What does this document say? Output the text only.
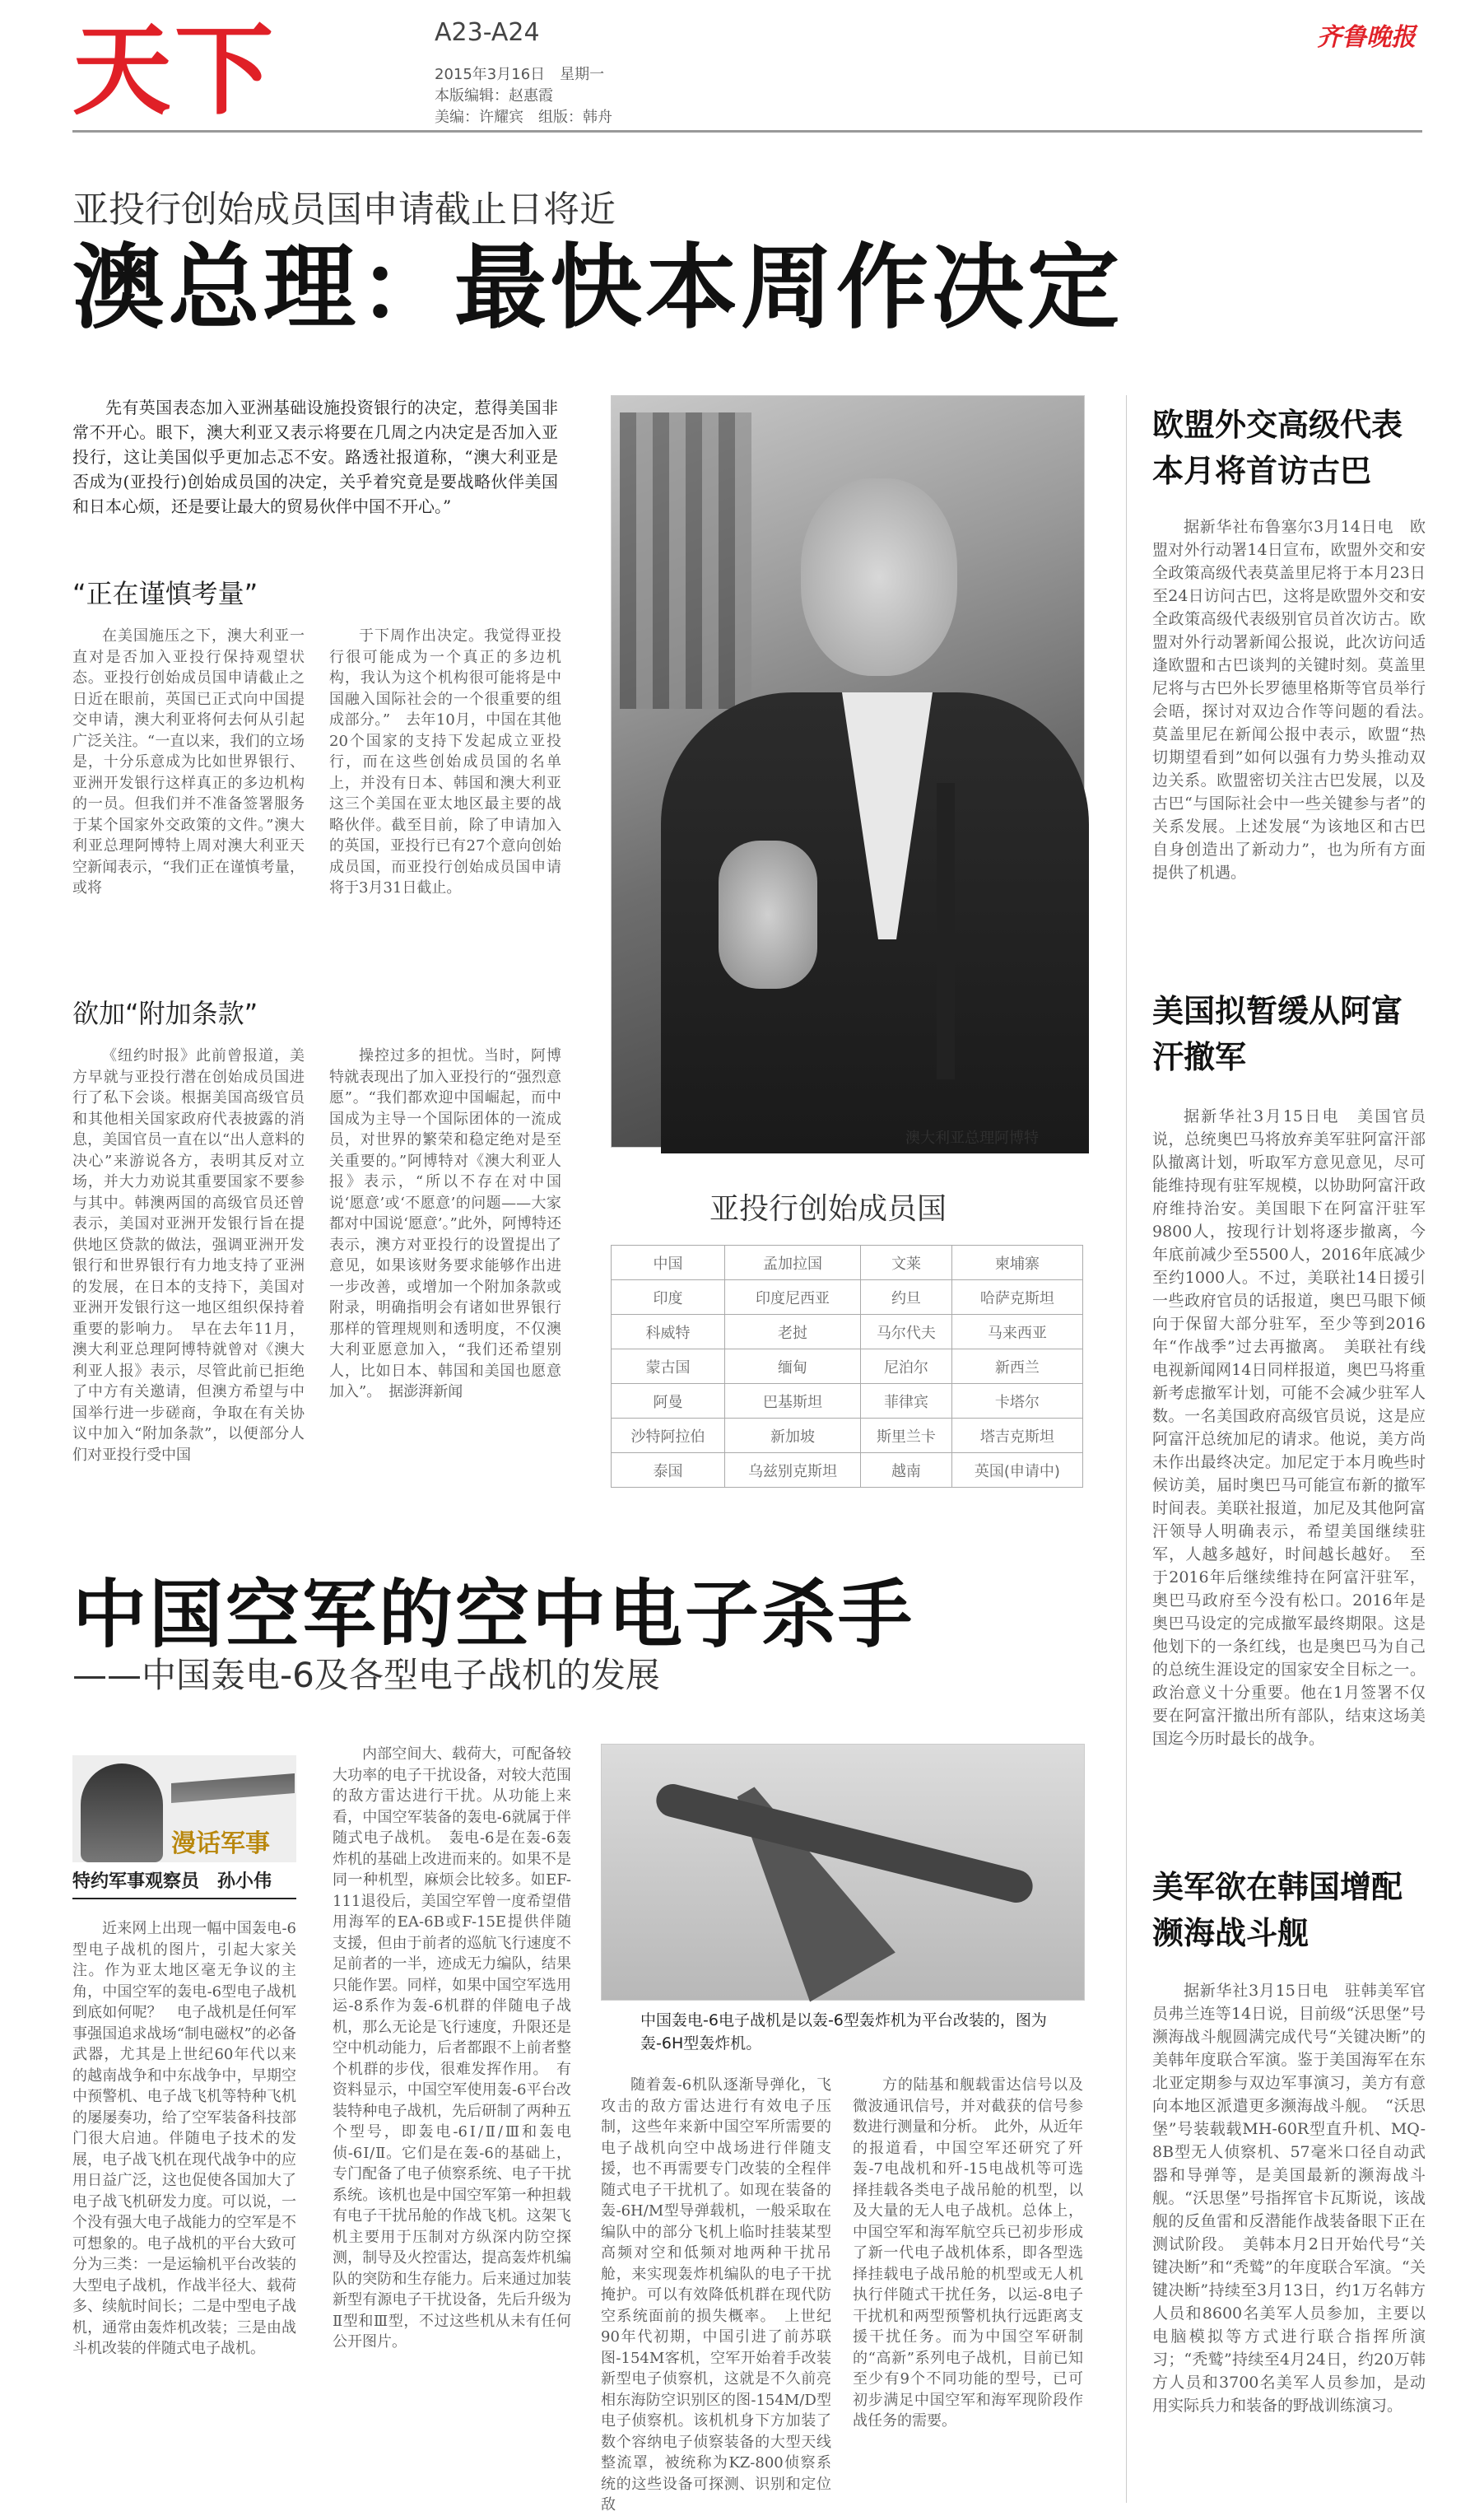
天下	A23-A24
2015年3月16日　星期一
本版编辑：赵惠霞
美编：许耀宾　组版：韩舟
齐鲁晚报
亚投行创始成员国申请截止日将近
澳总理：最快本周作决定
先有英国表态加入亚洲基础设施投资银行的决定，惹得美国非常不开心。眼下，澳大利亚又表示将要在几周之内决定是否加入亚投行，这让美国似乎更加忐忑不安。路透社报道称，“澳大利亚是否成为(亚投行)创始成员国的决定，关乎着究竟是要战略伙伴美国和日本心烦，还是要让最大的贸易伙伴中国不开心。”
“正在谨慎考量”

在美国施压之下，澳大利亚一直对是否加入亚投行保持观望状态。亚投行创始成员国申请截止之日近在眼前，英国已正式向中国提交申请，澳大利亚将何去何从引起广泛关注。“一直以来，我们的立场是，十分乐意成为比如世界银行、亚洲开发银行这样真正的多边机构的一员。但我们并不准备签署服务于某个国家外交政策的文件。”澳大利亚总理阿博特上周对澳大利亚天空新闻表示，“我们正在谨慎考量，或将

于下周作出决定。我觉得亚投行很可能成为一个真正的多边机构，我认为这个机构很可能将是中国融入国际社会的一个很重要的组成部分。”　去年10月，中国在其他20个国家的支持下发起成立亚投行，而在这些创始成员国的名单上，并没有日本、韩国和澳大利亚这三个美国在亚太地区最主要的战略伙伴。截至目前，除了申请加入的英国，亚投行已有27个意向创始成员国，而亚投行创始成员国申请将于3月31日截止。

欲加“附加条款”

《纽约时报》此前曾报道，美方早就与亚投行潜在创始成员国进行了私下会谈。根据美国高级官员和其他相关国家政府代表披露的消息，美国官员一直在以“出人意料的决心”来游说各方，表明其反对立场，并大力劝说其重要国家不要参与其中。韩澳两国的高级官员还曾表示，美国对亚洲开发银行旨在提供地区贷款的做法，强调亚洲开发银行和世界银行有力地支持了亚洲的发展，在日本的支持下，美国对亚洲开发银行这一地区组织保持着重要的影响力。　早在去年11月，澳大利亚总理阿博特就曾对《澳大利亚人报》表示，尽管此前已拒绝了中方有关邀请，但澳方希望与中国举行进一步磋商，争取在有关协议中加入“附加条款”，以便部分人们对亚投行受中国

操控过多的担忧。当时，阿博特就表现出了加入亚投行的“强烈意愿”。“我们都欢迎中国崛起，而中国成为主导一个国际团体的一流成员，对世界的繁荣和稳定绝对是至关重要的。”阿博特对《澳大利亚人报》表示，“所以不存在对中国说‘愿意’或‘不愿意’的问题——大家都对中国说‘愿意’。”此外，阿博特还表示，澳方对亚投行的设置提出了意见，如果该财务要求能够作出进一步改善，或增加一个附加条款或附录，明确指明会有诸如世界银行那样的管理规则和透明度，不仅澳大利亚愿意加入，“我们还希望别人，比如日本、韩国和美国也愿意加入”。　据澎湃新闻

澳大利亚总理阿博特
亚投行创始成员国
中国	孟加拉国	文莱	柬埔寨
印度	印度尼西亚	约旦	哈萨克斯坦
科威特	老挝	马尔代夫	马来西亚
蒙古国	缅甸	尼泊尔	新西兰
阿曼	巴基斯坦	菲律宾	卡塔尔
沙特阿拉伯	新加坡	斯里兰卡	塔吉克斯坦
泰国	乌兹别克斯坦	越南	英国(申请中)
欧盟外交高级代表本月将首访古巴

据新华社布鲁塞尔3月14日电　欧盟对外行动署14日宣布，欧盟外交和安全政策高级代表莫盖里尼将于本月23日至24日访问古巴，这将是欧盟外交和安全政策高级代表级别官员首次访古。欧盟对外行动署新闻公报说，此次访问适逢欧盟和古巴谈判的关键时刻。莫盖里尼将与古巴外长罗德里格斯等官员举行会晤，探讨对双边合作等问题的看法。　莫盖里尼在新闻公报中表示，欧盟“热切期望看到”如何以强有力势头推动双边关系。欧盟密切关注古巴发展，以及古巴“与国际社会中一些关键参与者”的关系发展。上述发展“为该地区和古巴自身创造出了新动力”，也为所有方面提供了机遇。

美国拟暂缓从阿富汗撤军

据新华社3月15日电　美国官员说，总统奥巴马将放弃美军驻阿富汗部队撤离计划，听取军方意见意见，尽可能维持现有驻军规模，以协助阿富汗政府维持治安。美国眼下在阿富汗驻军9800人，按现行计划将逐步撤离，今年底前减少至5500人，2016年底减少至约1000人。不过，美联社14日援引一些政府官员的话报道，奥巴马眼下倾向于保留大部分驻军，至少等到2016年“作战季”过去再撤离。　美联社有线电视新闻网14日同样报道，奥巴马将重新考虑撤军计划，可能不会减少驻军人数。一名美国政府高级官员说，这是应阿富汗总统加尼的请求。他说，美方尚未作出最终决定。加尼定于本月晚些时候访美，届时奥巴马可能宣布新的撤军时间表。美联社报道，加尼及其他阿富汗领导人明确表示，希望美国继续驻军，人越多越好，时间越长越好。　至于2016年后继续维持在阿富汗驻军，奥巴马政府至今没有松口。2016年是奥巴马设定的完成撤军最终期限。这是他划下的一条红线，也是奥巴马为自己的总统生涯设定的国家安全目标之一。政治意义十分重要。他在1月签署不仅要在阿富汗撤出所有部队，结束这场美国迄今历时最长的战争。

美军欲在韩国增配濒海战斗舰

据新华社3月15日电　驻韩美军官员弗兰连等14日说，目前级“沃思堡”号濒海战斗舰圆满完成代号“关键决断”的美韩年度联合军演。鉴于美国海军在东北亚定期参与双边军事演习，美方有意向本地区派遣更多濒海战斗舰。　“沃思堡”号装载载MH-60R型直升机、MQ-8B型无人侦察机、57毫米口径自动武器和导弹等，是美国最新的濒海战斗舰。“沃思堡”号指挥官卡瓦斯说，该战舰的反鱼雷和反潜能作战装备眼下正在测试阶段。　美韩本月2日开始代号“关键决断”和“秃鹫”的年度联合军演。“关键决断”持续至3月13日，约1万名韩方人员和8600名美军人员参加，主要以电脑模拟等方式进行联合指挥所演习；“秃鹫”持续至4月24日，约20万韩方人员和3700名美军人员参加，是动用实际兵力和装备的野战训练演习。

中国空军的空中电子杀手
——中国轰电-6及各型电子战机的发展
漫话军事
特约军事观察员　孙小伟

近来网上出现一幅中国轰电-6型电子战机的图片，引起大家关注。作为亚太地区毫无争议的主角，中国空军的轰电-6型电子战机到底如何呢？　电子战机是任何军事强国追求战场“制电磁权”的必备武器，尤其是上世纪60年代以来的越南战争和中东战争中，早期空中预警机、电子战飞机等特种飞机的屡屡奏功，给了空军装备科技部门很大启迪。伴随电子技术的发展，电子战飞机在现代战争中的应用日益广泛，这也促使各国加大了电子战飞机研发力度。可以说，一个没有强大电子战能力的空军是不可想象的。电子战机的平台大致可分为三类：一是运输机平台改装的大型电子战机，作战半径大、载荷多、续航时间长；二是中型电子战机，通常由轰炸机改装；三是由战斗机改装的伴随式电子战机。

内部空间大、载荷大，可配备较大功率的电子干扰设备，对较大范围的敌方雷达进行干扰。从功能上来看，中国空军装备的轰电-6就属于伴随式电子战机。　轰电-6是在轰-6轰炸机的基础上改进而来的。如果不是同一种机型，麻烦会比较多。如EF-111退役后，美国空军曾一度希望借用海军的EA-6B或F-15E提供伴随支援，但由于前者的巡航飞行速度不足前者的一半，迹成无力编队，结果只能作罢。同样，如果中国空军选用运-8系作为轰-6机群的伴随电子战机，那么无论是飞行速度，升限还是空中机动能力，后者都跟不上前者整个机群的步伐，很难发挥作用。　有资料显示，中国空军使用轰-6平台改装特种电子战机，先后研制了两种五个型号，即轰电-6Ⅰ/Ⅱ/Ⅲ和轰电侦-6Ⅰ/Ⅱ。它们是在轰-6的基础上，专门配备了电子侦察系统、电子干扰系统。该机也是中国空军第一种担载有电子干扰吊舱的作战飞机。这架飞机主要用于压制对方纵深内防空探测，制导及火控雷达，提高轰炸机编队的突防和生存能力。后来通过加装新型有源电子干扰设备，先后升级为Ⅱ型和Ⅲ型，不过这些机从未有任何公开图片。

中国轰电-6电子战机是以轰-6型轰炸机为平台改装的，图为轰-6H型轰炸机。

随着轰-6机队逐渐导弹化，飞攻击的敌方雷达进行有效电子压制，这些年来新中国空军所需要的电子战机向空中战场进行伴随支援，也不再需要专门改装的全程伴随式电子干扰机了。如现在装备的轰-6H/M型导弹载机，一般采取在编队中的部分飞机上临时挂装某型高频对空和低频对地两种干扰吊舱，来实现轰炸机编队的电子干扰掩护。可以有效降低机群在现代防空系统面前的损失概率。　上世纪90年代初期，中国引进了前苏联图-154M客机，空军开始着手改装新型电子侦察机，这就是不久前亮相东海防空识别区的图-154M/D型电子侦察机。该机机身下方加装了数个容纳电子侦察装备的大型天线整流罩，被统称为KZ-800侦察系统的这些设备可探测、识别和定位敌

方的陆基和舰载雷达信号以及微波通讯信号，并对截获的信号参数进行测量和分析。　此外，从近年的报道看，中国空军还研究了歼轰-7电战机和歼-15电战机等可选择挂载各类电子战吊舱的机型，以及大量的无人电子战机。总体上，中国空军和海军航空兵已初步形成了新一代电子战机体系，即各型选择挂载电子战吊舱的机型或无人机执行伴随式干扰任务，以运-8电子干扰机和两型预警机执行远距离支援干扰任务。而为中国空军研制的“高新”系列电子战机，目前已知至少有9个不同功能的型号，已可初步满足中国空军和海军现阶段作战任务的需要。
